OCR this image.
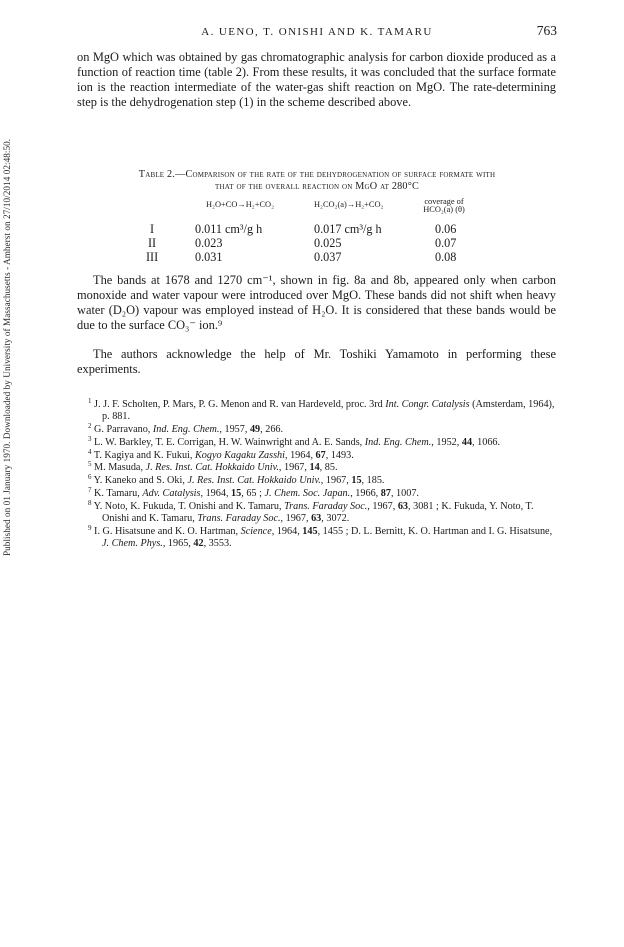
Published on 01 January 1970. Downloaded by University of Massachusetts - Amherst on 27/10/2014 02:48:50.
A. UENO, T. ONISHI AND K. TAMARU	763

on MgO which was obtained by gas chromatographic analysis for carbon dioxide produced as a function of reaction time (table 2). From these results, it was concluded that the surface formate ion is the reaction intermediate of the water-gas shift reaction on MgO. The rate-determining step is the dehydrogenation step (1) in the scheme described above.

Table 2.—Comparison of the rate of the dehydrogenation of surface formate with
that of the overall reaction on MgO at 280°C

H₂O+CO→H₂+CO₂	H₂CO₂(a)→H₂+CO₂	coverage of
HCO₂(a) (θ)
I	0.011 cm³/g h	0.017 cm³/g h	0.06
II	0.023	0.025	0.07
III	0.031	0.037	0.08

The bands at 1678 and 1270 cm⁻¹, shown in fig. 8a and 8b, appeared only when carbon monoxide and water vapour were introduced over MgO. These bands did not shift when heavy water (D₂O) vapour was employed instead of H₂O. It is considered that these bands would be due to the surface CO₃⁻ ion.⁹

The authors acknowledge the help of Mr. Toshiki Yamamoto in performing these experiments.

$^1$ J. J. F. Scholten, P. Mars, P. G. Menon and R. van Hardeveld, proc. 3rd Int. Congr. Catalysis (Amsterdam, 1964), p. 881.
$^2$ G. Parravano, Ind. Eng. Chem., 1957, 49, 266.
$^3$ L. W. Barkley, T. E. Corrigan, H. W. Wainwright and A. E. Sands, Ind. Eng. Chem., 1952, 44, 1066.
$^4$ T. Kagiya and K. Fukui, Kogyo Kagaku Zasshi, 1964, 67, 1493.
$^5$ M. Masuda, J. Res. Inst. Cat. Hokkaido Univ., 1967, 14, 85.
$^6$ Y. Kaneko and S. Oki, J. Res. Inst. Cat. Hokkaido Univ., 1967, 15, 185.
$^7$ K. Tamaru, Adv. Catalysis, 1964, 15, 65 ; J. Chem. Soc. Japan., 1966, 87, 1007.
$^8$ Y. Noto, K. Fukuda, T. Onishi and K. Tamaru, Trans. Faraday Soc., 1967, 63, 3081 ; K. Fukuda, Y. Noto, T. Onishi and K. Tamaru, Trans. Faraday Soc., 1967, 63, 3072.
$^9$ I. G. Hisatsune and K. O. Hartman, Science, 1964, 145, 1455 ; D. L. Bernitt, K. O. Hartman and I. G. Hisatsune, J. Chem. Phys., 1965, 42, 3553.
